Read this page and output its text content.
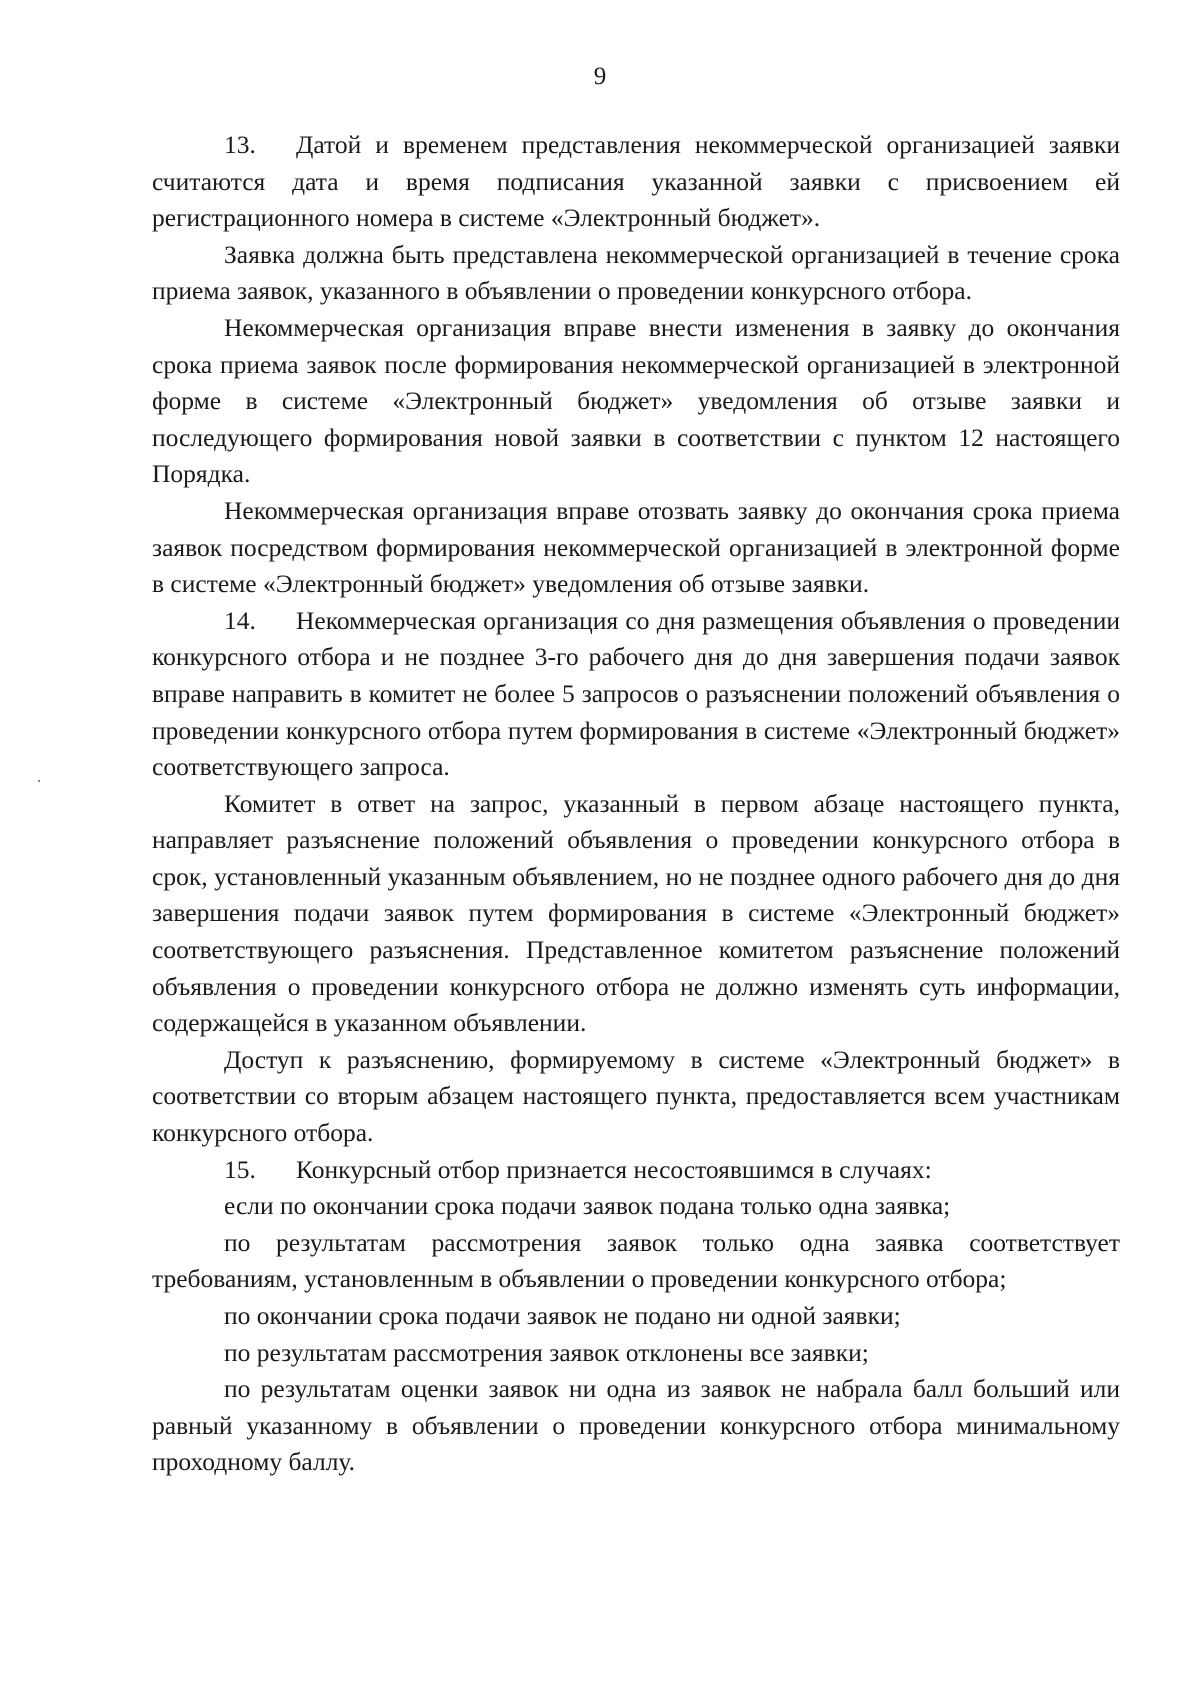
9

13. Датой и временем представления некоммерческой организацией заявки считаются дата и время подписания указанной заявки с присвоением ей регистрационного номера в системе «Электронный бюджет».

Заявка должна быть представлена некоммерческой организацией в течение срока приема заявок, указанного в объявлении о проведении конкурсного отбора.

Некоммерческая организация вправе внести изменения в заявку до окончания срока приема заявок после формирования некоммерческой организацией в электронной форме в системе «Электронный бюджет» уведомления об отзыве заявки и последующего формирования новой заявки в соответствии с пунктом 12 настоящего Порядка.

Некоммерческая организация вправе отозвать заявку до окончания срока приема заявок посредством формирования некоммерческой организацией в электронной форме в системе «Электронный бюджет» уведомления об отзыве заявки.

14. Некоммерческая организация со дня размещения объявления о проведении конкурсного отбора и не позднее 3-го рабочего дня до дня завершения подачи заявок вправе направить в комитет не более 5 запросов о разъяснении положений объявления о проведении конкурсного отбора путем формирования в системе «Электронный бюджет» соответствующего запроса.

Комитет в ответ на запрос, указанный в первом абзаце настоящего пункта, направляет разъяснение положений объявления о проведении конкурсного отбора в срок, установленный указанным объявлением, но не позднее одного рабочего дня до дня завершения подачи заявок путем формирования в системе «Электронный бюджет» соответствующего разъяснения. Представленное комитетом разъяснение положений объявления о проведении конкурсного отбора не должно изменять суть информации, содержащейся в указанном объявлении.

Доступ к разъяснению, формируемому в системе «Электронный бюджет» в соответствии со вторым абзацем настоящего пункта, предоставляется всем участникам конкурсного отбора.

15. Конкурсный отбор признается несостоявшимся в случаях:

если по окончании срока подачи заявок подана только одна заявка;

по результатам рассмотрения заявок только одна заявка соответствует требованиям, установленным в объявлении о проведении конкурсного отбора;

по окончании срока подачи заявок не подано ни одной заявки;

по результатам рассмотрения заявок отклонены все заявки;

по результатам оценки заявок ни одна из заявок не набрала балл больший или равный указанному в объявлении о проведении конкурсного отбора минимальному проходному баллу.
